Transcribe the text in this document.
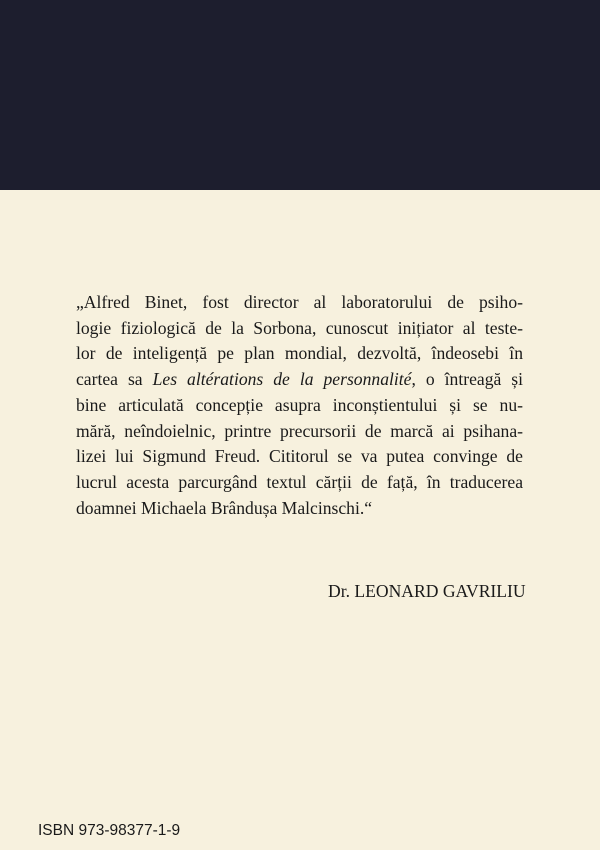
„Alfred Binet, fost director al laboratorului de psiho-
logie fiziologică de la Sorbona, cunoscut inițiator al teste-
lor de inteligență pe plan mondial, dezvoltă, îndeosebi în
cartea sa Les altérations de la personnalité, o întreagă și
bine articulată concepție asupra inconștientului și se nu-
mără, neîndoielnic, printre precursorii de marcă ai psihana-
lizei lui Sigmund Freud. Cititorul se va putea convinge de
lucrul acesta parcurgând textul cărții de față, în traducerea
doamnei Michaela Brândușa Malcinschi.“

Dr. LEONARD GAVRILIU
ISBN 973-98377-1-9
